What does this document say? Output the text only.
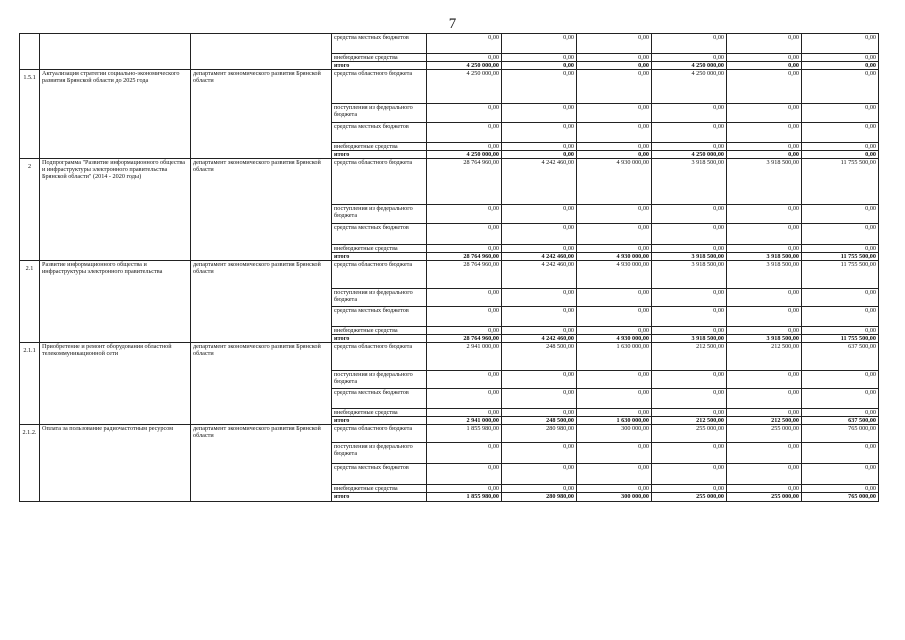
7
			средства местных бюджетов	0,00	0,00	0,00	0,00	0,00	0,00
			внебюджетные средства	0,00	0,00	0,00	0,00	0,00	0,00
			итого	4 250 000,00	0,00	0,00	4 250 000,00	0,00	0,00
1.5.1	Актуализация стратегии социально-экономического развития Брянской области до 2025 года	департамент экономического развития Брянской области	средства областного бюджета	4 250 000,00	0,00	0,00	4 250 000,00	0,00	0,00
			поступления из федерального бюджета	0,00	0,00	0,00	0,00	0,00	0,00
			средства местных бюджетов	0,00	0,00	0,00	0,00	0,00	0,00
			внебюджетные средства	0,00	0,00	0,00	0,00	0,00	0,00
			итого	4 250 000,00	0,00	0,00	4 250 000,00	0,00	0,00
2	Подпрограмма "Развитие информационного общества и инфраструктуры электронного правительства Брянской области" (2014 - 2020 годы)	департамент экономического развития Брянской области	средства областного бюджета	28 764 960,00	4 242 460,00	4 930 000,00	3 918 500,00	3 918 500,00	11 755 500,00
			поступления из федерального бюджета	0,00	0,00	0,00	0,00	0,00	0,00
			средства местных бюджетов	0,00	0,00	0,00	0,00	0,00	0,00
			внебюджетные средства	0,00	0,00	0,00	0,00	0,00	0,00
			итого	28 764 960,00	4 242 460,00	4 930 000,00	3 918 500,00	3 918 500,00	11 755 500,00
2.1	Развитие информационного общества и инфраструктуры электронного правительства	департамент экономического развития Брянской области	средства областного бюджета	28 764 960,00	4 242 460,00	4 930 000,00	3 918 500,00	3 918 500,00	11 755 500,00
			поступления из федерального бюджета	0,00	0,00	0,00	0,00	0,00	0,00
			средства местных бюджетов	0,00	0,00	0,00	0,00	0,00	0,00
			внебюджетные средства	0,00	0,00	0,00	0,00	0,00	0,00
			итого	28 764 960,00	4 242 460,00	4 930 000,00	3 918 500,00	3 918 500,00	11 755 500,00
2.1.1	Приобретение и ремонт оборудования областной телекоммуникационной сети	департамент экономического развития Брянской области	средства областного бюджета	2 941 000,00	248 500,00	1 630 000,00	212 500,00	212 500,00	637 500,00
			поступления из федерального бюджета	0,00	0,00	0,00	0,00	0,00	0,00
			средства местных бюджетов	0,00	0,00	0,00	0,00	0,00	0,00
			внебюджетные средства	0,00	0,00	0,00	0,00	0,00	0,00
			итого	2 941 000,00	248 500,00	1 630 000,00	212 500,00	212 500,00	637 500,00
2.1.2.	Оплата за пользование радиочастотным ресурсом	департамент экономического развития Брянской области	средства областного бюджета	1 855 980,00	280 980,00	300 000,00	255 000,00	255 000,00	765 000,00
			поступления из федерального бюджета	0,00	0,00	0,00	0,00	0,00	0,00
			средства местных бюджетов	0,00	0,00	0,00	0,00	0,00	0,00
			внебюджетные средства	0,00	0,00	0,00	0,00	0,00	0,00
			итого	1 855 980,00	280 980,00	300 000,00	255 000,00	255 000,00	765 000,00
